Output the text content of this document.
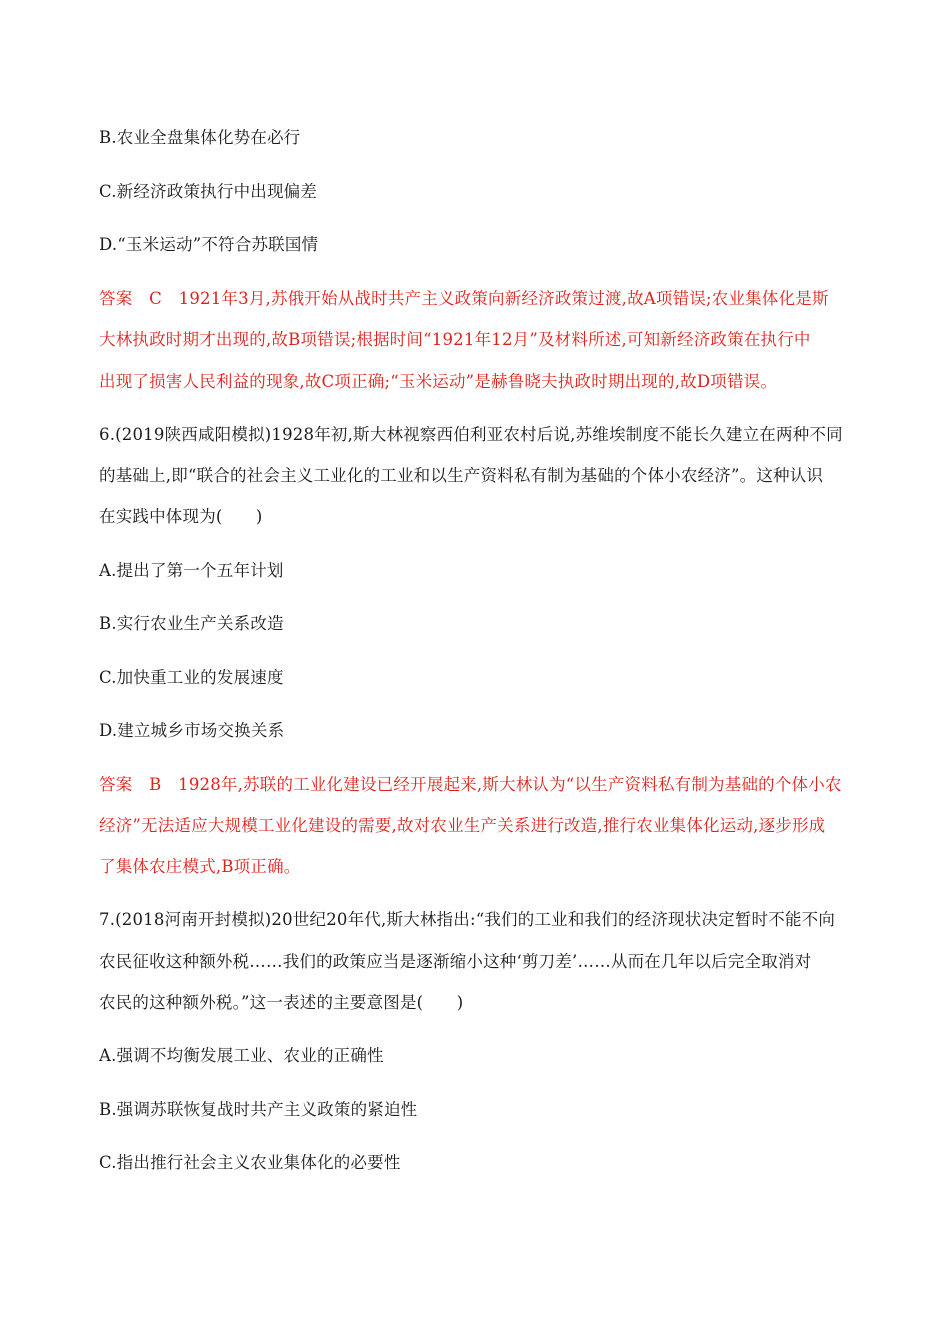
B.农业全盘集体化势在必行
C.新经济政策执行中出现偏差
D.“玉米运动”不符合苏联国情
答案　C　1921年3月,苏俄开始从战时共产主义政策向新经济政策过渡,故A项错误;农业集体化是斯
大林执政时期才出现的,故B项错误;根据时间“1921年12月”及材料所述,可知新经济政策在执行中
出现了损害人民利益的现象,故C项正确;“玉米运动”是赫鲁晓夫执政时期出现的,故D项错误。
6.(2019陕西咸阳模拟)1928年初,斯大林视察西伯利亚农村后说,苏维埃制度不能长久建立在两种不同
的基础上,即“联合的社会主义工业化的工业和以生产资料私有制为基础的个体小农经济”。这种认识
在实践中体现为(　　)
A.提出了第一个五年计划
B.实行农业生产关系改造
C.加快重工业的发展速度
D.建立城乡市场交换关系
答案　B　1928年,苏联的工业化建设已经开展起来,斯大林认为“以生产资料私有制为基础的个体小农
经济”无法适应大规模工业化建设的需要,故对农业生产关系进行改造,推行农业集体化运动,逐步形成
了集体农庄模式,B项正确。
7.(2018河南开封模拟)20世纪20年代,斯大林指出:“我们的工业和我们的经济现状决定暂时不能不向
农民征收这种额外税……我们的政策应当是逐渐缩小这种‘剪刀差’……从而在几年以后完全取消对
农民的这种额外税。”这一表述的主要意图是(　　)
A.强调不均衡发展工业、农业的正确性
B.强调苏联恢复战时共产主义政策的紧迫性
C.指出推行社会主义农业集体化的必要性
